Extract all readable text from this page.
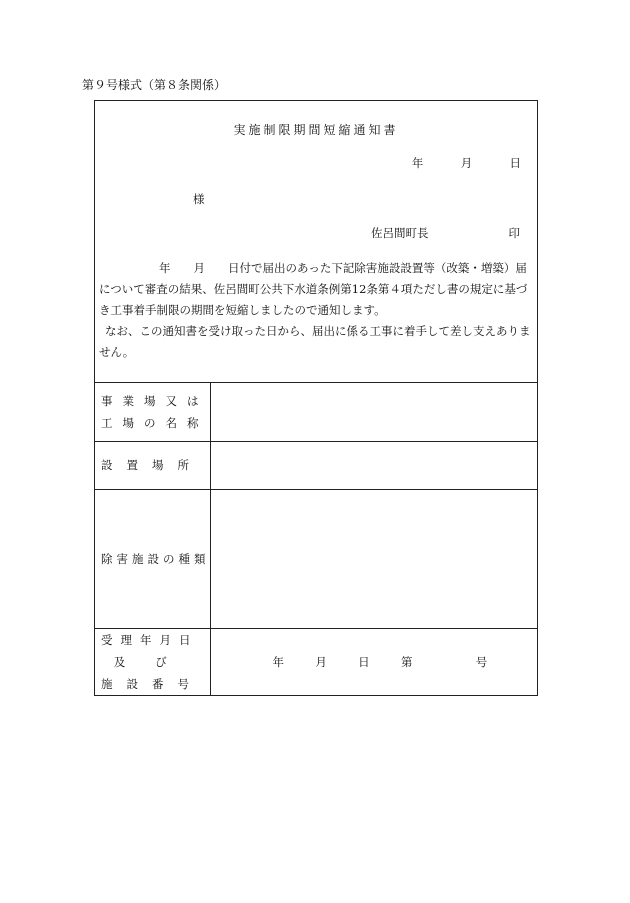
第９号様式（第８条関係）
実施制限期間短縮通知書
年	月	日
様
佐呂間町長	印

年　　月　　日付で届出のあった下記除害施設設置等（改築・増築）届について審査の結果、佐呂間町公共下水道条例第12条第４項ただし書の規定に基づき工事着手制限の期間を短縮しましたので通知します。

なお、この通知書を受け取った日から、届出に係る工事に着手して差し支えありません。

事業場又は
工場の名称	

設置場所	

除害施設の種類	

受理年月日
及び
施設番号	年 月 日 第 号
